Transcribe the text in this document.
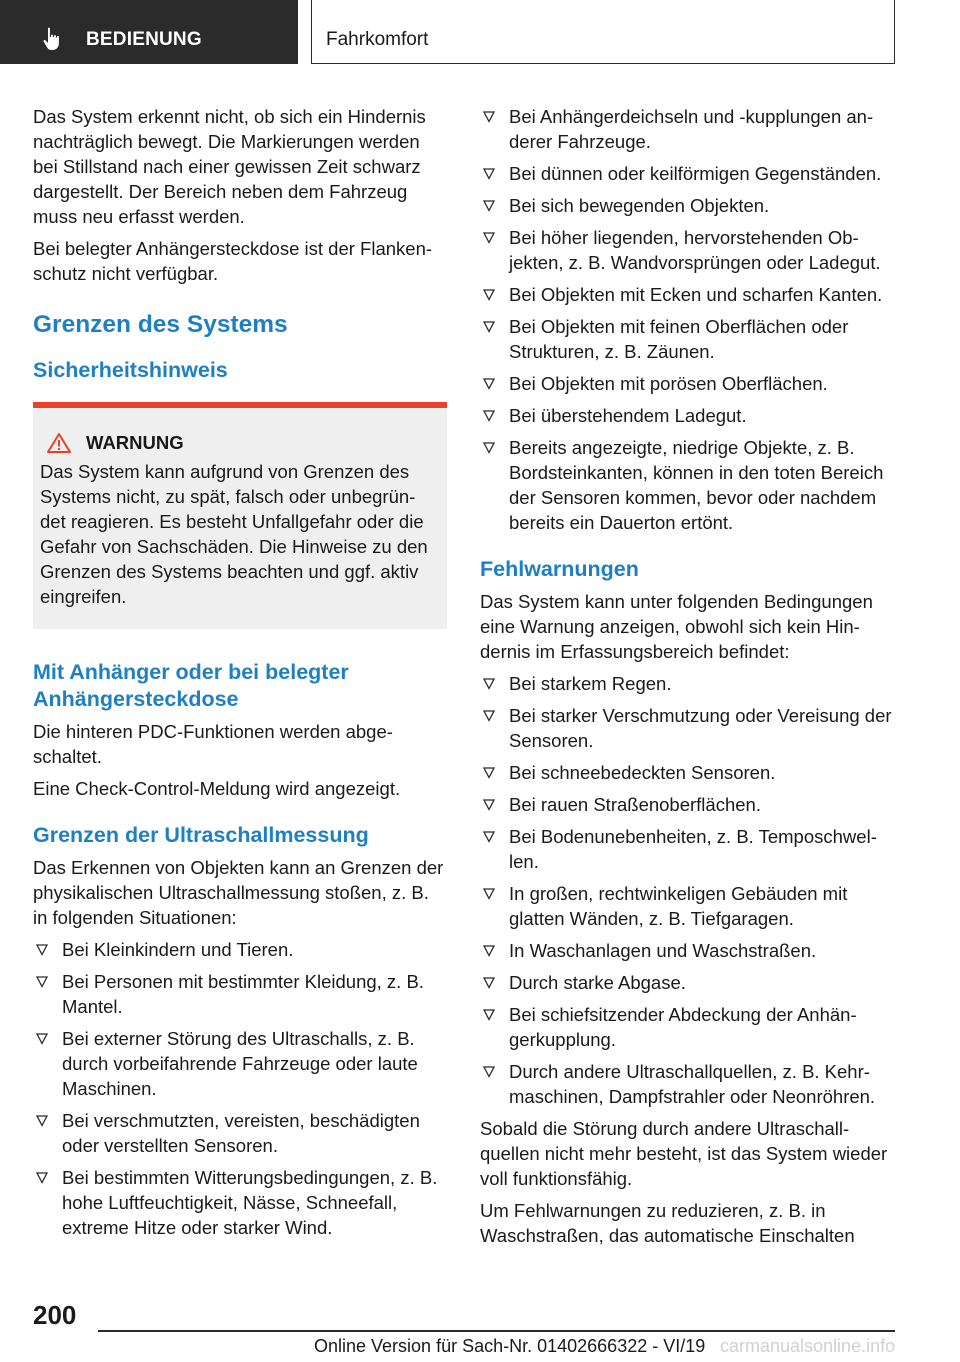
BEDIENUNG	Fahrkomfort

Das System erkennt nicht, ob sich ein Hindernis nachträglich bewegt. Die Markierungen werden bei Stillstand nach einer gewissen Zeit schwarz dargestellt. Der Bereich neben dem Fahrzeug muss neu erfasst werden.

Bei belegter Anhängersteckdose ist der Flankenschutz nicht verfügbar.

Grenzen des Systems
Sicherheitshinweis
WARNUNG

Das System kann aufgrund von Grenzen des Systems nicht, zu spät, falsch oder unbegründet reagieren. Es besteht Unfallgefahr oder die Gefahr von Sachschäden. Die Hinweise zu den Grenzen des Systems beachten und ggf. aktiv eingreifen.

Mit Anhänger oder bei belegter Anhängersteckdose

Die hinteren PDC-Funktionen werden abgeschaltet.

Eine Check-Control-Meldung wird angezeigt.

Grenzen der Ultraschallmessung

Das Erkennen von Objekten kann an Grenzen der physikalischen Ultraschallmessung stoßen, z. B. in folgenden Situationen:

Bei Kleinkindern und Tieren.
Bei Personen mit bestimmter Kleidung, z. B. Mantel.
Bei externer Störung des Ultraschalls, z. B. durch vorbeifahrende Fahrzeuge oder laute Maschinen.
Bei verschmutzten, vereisten, beschädigten oder verstellten Sensoren.
Bei bestimmten Witterungsbedingungen, z. B. hohe Luftfeuchtigkeit, Nässe, Schneefall, extreme Hitze oder starker Wind.
Bei Anhängerdeichseln und -kupplungen anderer Fahrzeuge.
Bei dünnen oder keilförmigen Gegenständen.
Bei sich bewegenden Objekten.
Bei höher liegenden, hervorstehenden Objekten, z. B. Wandvorsprüngen oder Ladegut.
Bei Objekten mit Ecken und scharfen Kanten.
Bei Objekten mit feinen Oberflächen oder Strukturen, z. B. Zäunen.
Bei Objekten mit porösen Oberflächen.
Bei überstehendem Ladegut.
Bereits angezeigte, niedrige Objekte, z. B. Bordsteinkanten, können in den toten Bereich der Sensoren kommen, bevor oder nachdem bereits ein Dauerton ertönt.
Fehlwarnungen

Das System kann unter folgenden Bedingungen eine Warnung anzeigen, obwohl sich kein Hindernis im Erfassungsbereich befindet:

Bei starkem Regen.
Bei starker Verschmutzung oder Vereisung der Sensoren.
Bei schneebedeckten Sensoren.
Bei rauen Straßenoberflächen.
Bei Bodenunebenheiten, z. B. Temposchwellen.
In großen, rechtwinkeligen Gebäuden mit glatten Wänden, z. B. Tiefgaragen.
In Waschanlagen und Waschstraßen.
Durch starke Abgase.
Bei schiefsitzender Abdeckung der Anhängerkupplung.
Durch andere Ultraschallquellen, z. B. Kehrmaschinen, Dampfstrahler oder Neonröhren.

Sobald die Störung durch andere Ultraschallquellen nicht mehr besteht, ist das System wieder voll funktionsfähig.

Um Fehlwarnungen zu reduzieren, z. B. in Waschstraßen, das automatische Einschalten

200
Online Version für Sach-Nr. 01402666322 - VI/19 carmanualsonline.info
